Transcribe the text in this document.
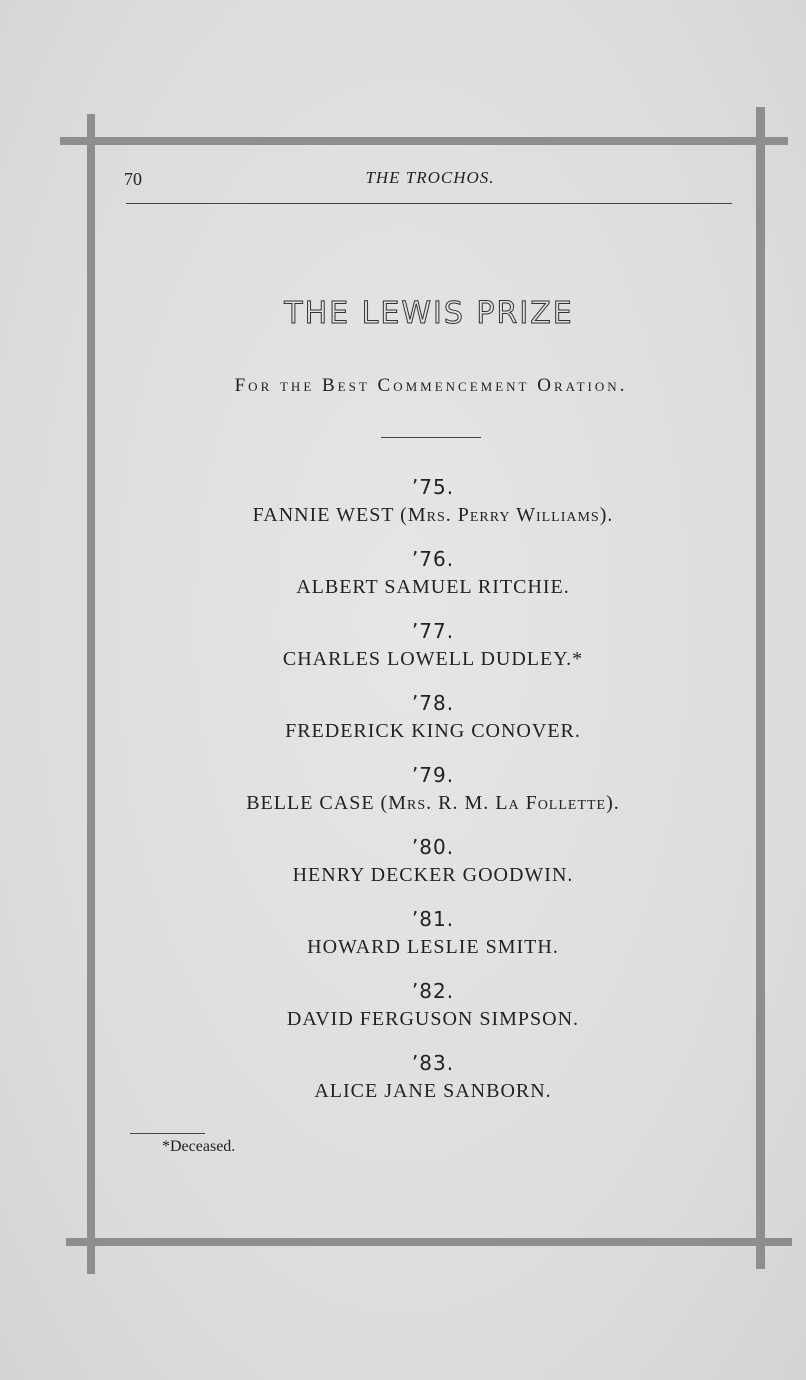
70	THE TROCHOS.
THE LEWIS PRIZE
For the Best Commencement Oration.
’75.
FANNIE WEST (Mrs. Perry Williams).
’76.
ALBERT SAMUEL RITCHIE.
’77.
CHARLES LOWELL DUDLEY.*
’78.
FREDERICK KING CONOVER.
’79.
BELLE CASE (Mrs. R. M. La Follette).
’80.
HENRY DECKER GOODWIN.
’81.
HOWARD LESLIE SMITH.
’82.
DAVID FERGUSON SIMPSON.
’83.
ALICE JANE SANBORN.
*Deceased.
